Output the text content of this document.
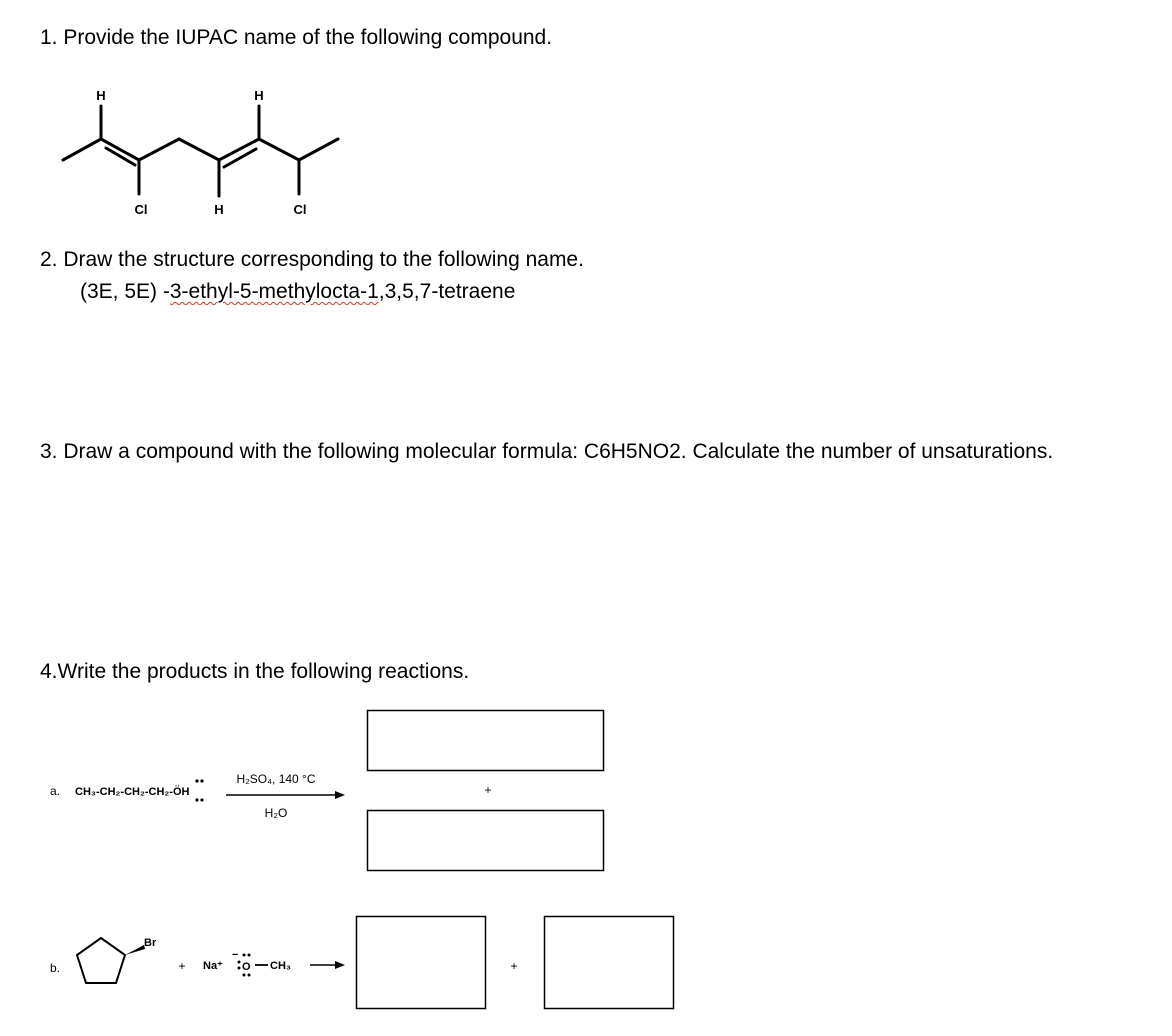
1. Provide the IUPAC name of the following compound.

H	H
Cl	H	Cl

2. Draw the structure corresponding to the following name.

(3E, 5E) -3-ethyl-5-methylocta-1,3,5,7-tetraene

3. Draw a compound with the following molecular formula: C6H5NO2. Calculate the number of unsaturations.

4.Write the products in the following reactions.

a. CH₃-CH₂-CH₂-CH₂-ÖH
H₂SO₄, 140 °C
H₂O
+
b.
Br
+ Na⁺
−
O CH₃	+
